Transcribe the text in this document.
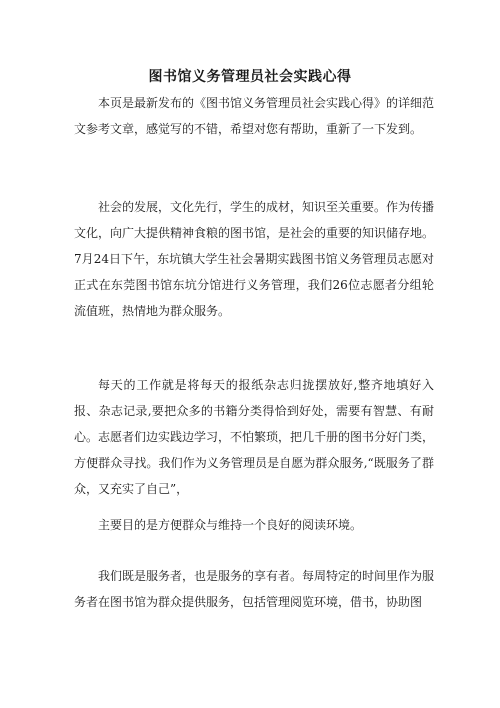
图书馆义务管理员社会实践心得

本页是最新发布的《图书馆义务管理员社会实践心得》的详细范文参考文章，感觉写的不错，希望对您有帮助，重新了一下发到。

社会的发展，文化先行，学生的成材，知识至关重要。作为传播文化，向广大提供精神食粮的图书馆，是社会的重要的知识储存地。7月24日下午，东坑镇大学生社会暑期实践图书馆义务管理员志愿对正式在东莞图书馆东坑分馆进行义务管理，我们26位志愿者分组轮流值班，热情地为群众服务。

每天的工作就是将每天的报纸杂志归拢摆放好,整齐地填好入报、杂志记录,要把众多的书籍分类得恰到好处，需要有智慧、有耐心。志愿者们边实践边学习，不怕繁琐，把几千册的图书分好门类，方便群众寻找。我们作为义务管理员是自愿为群众服务,“既服务了群众，又充实了自己”，

主要目的是方便群众与维持一个良好的阅读环境。

我们既是服务者，也是服务的享有者。每周特定的时间里作为服务者在图书馆为群众提供服务，包括管理阅览环境，借书，协助图
